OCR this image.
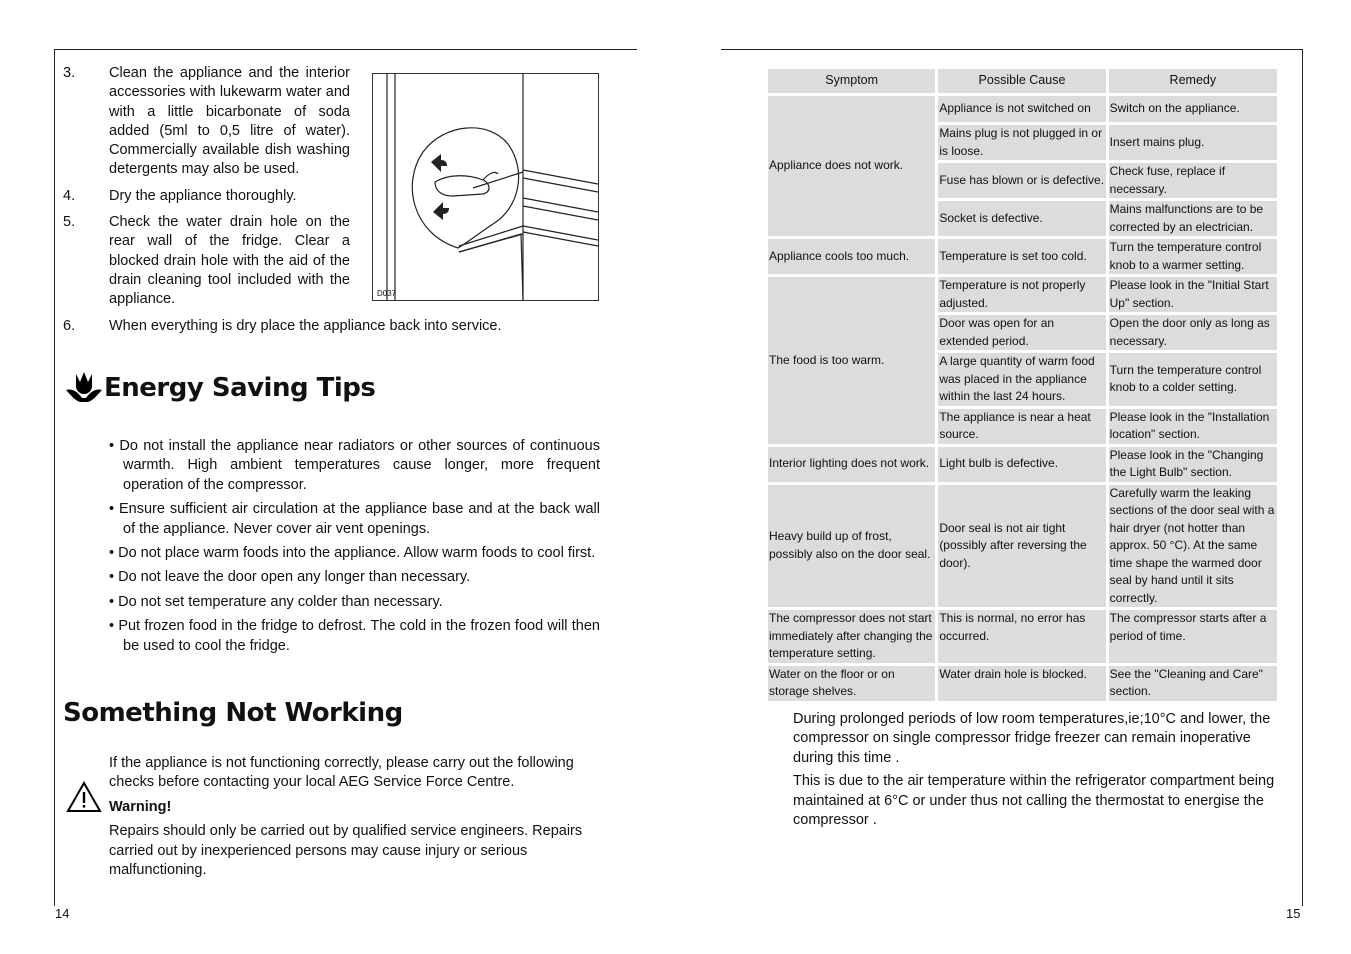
14	15
3.	Clean the appliance and the interior accessories with lukewarm water and with a little bicarbonate of soda added (5ml to 0,5 litre of water). Commercially available dish washing detergents may also be used.
4.	Dry the appliance thoroughly.
5.	Check the water drain hole on the rear wall of the fridge. Clear a blocked drain hole with the aid of the drain cleaning tool included with the appliance.
6.	When everything is dry place the appliance back into service.
D037
Energy Saving Tips
• Do not install the appliance near radiators or other sources of continuous warmth. High ambient temperatures cause longer, more frequent operation of the compressor.
• Ensure sufficient air circulation at the appliance base and at the back wall of the appliance. Never cover air vent openings.
• Do not place warm foods into the appliance. Allow warm foods to cool first.
• Do not leave the door open any longer than necessary.
• Do not set temperature any colder than necessary.
• Put frozen food in the fridge to defrost. The cold in the frozen food will then be used to cool the fridge.
Something Not Working

If the appliance is not functioning correctly, please carry out the following checks before contacting your local AEG Service Force Centre.

Warning!

Repairs should only be carried out by qualified service engineers. Repairs carried out by inexperienced persons may cause injury or serious malfunctioning.

Symptom	Possible Cause	Remedy
Appliance does not work.	Appliance is not switched on	Switch on the appliance.
	Mains plug is not plugged in or is loose.	Insert mains plug.
	Fuse has blown or is defective.	Check fuse, replace if necessary.
	Socket is defective.	Mains malfunctions are to be corrected by an electrician.
Appliance cools too much.	Temperature is set too cold.	Turn the temperature control knob to a warmer setting.
The food is too warm.	Temperature is not properly adjusted.	Please look in the "Initial Start Up" section.
	Door was open for an extended period.	Open the door only as long as necessary.
	A large quantity of warm food was placed in the appliance within the last 24 hours.	Turn the temperature control knob to a colder setting.
	The appliance is near a heat source.	Please look in the "Installation location" section.
Interior lighting does not work.	Light bulb is defective.	Please look in the "Changing the Light Bulb" section.
Heavy build up of frost, possibly also on the door seal.	Door seal is not air tight (possibly after reversing the door).	Carefully warm the leaking sections of the door seal with a hair dryer (not hotter than approx. 50 °C). At the same time shape the warmed door seal by hand until it sits correctly.
The compressor does not start immediately after changing the temperature setting.	This is normal, no error has occurred.	The compressor starts after a period of time.
Water on the floor or on storage shelves.	Water drain hole is blocked.	See the "Cleaning and Care" section.

During prolonged periods of low room temperatures,ie;10°C and lower, the compressor on single compressor fridge freezer can remain inoperative during this time .

This is due to the air temperature within the refrigerator compartment being maintained at 6°C or under thus not calling the thermostat to energise the compressor .
